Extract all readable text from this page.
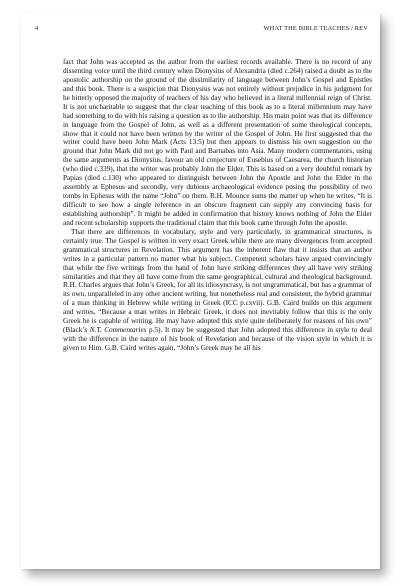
4	WHAT THE BIBLE TEACHES / REV

fact that John was accepted as the author from the earliest records available. There is no record of any dissenting voice until the third century when Dionysius of Alexandria (died c.264) raised a doubt as to the apostolic authorship on the ground of the dissimilarity of language between John’s Gospel and Epistles and this book. There is a suspicion that Dionysius was not entirely without prejudice in his judgment for he bitterly opposed the majority of teachers of his day who believed in a literal millennial reign of Christ. It is not uncharitable to suggest that the clear teaching of this book as to a literal millennium may have had something to do with his raising a question as to the authorship. His main point was that its difference in language from the Gospel of John, as well as a different presentation of some theological concepts, show that it could not have been written by the writer of the Gospel of John. He first suggested that the writer could have been John Mark (Acts 13:5) but then appears to dismiss his own suggestion on the ground that John Mark did not go with Paul and Barnabas into Asia. Many modern commentators, using the same arguments as Dionysius, favour an old conjecture of Eusebius of Caesarea, the church historian (who died c.339), that the writer was probably John the Elder. This is based on a very doubtful remark by Papias (died c.130) who appeared to distinguish between John the Apostle and John the Elder in the assembly at Ephesus and secondly, very dubious archaeological evidence posing the possibility of two tombs in Ephesus with the name “John” on them. R.H. Mounce sums the matter up when he writes, “It is difficult to see how a single reference in an obscure fragment can supply any convincing basis for establishing authorship”. It might be added in confirmation that history knows nothing of John the Elder and recent scholarship supports the traditional claim that this book came through John the apostle.

That there are differences in vocabulary, style and very particularly, in grammatical structures, is certainly true. The Gospel is written in very exact Greek while there are many divergences from accepted grammatical structures in Revelation. This argument has the inherent flaw that it insists that an author writes in a particular pattern no matter what his subject. Competent scholars have argued convincingly that while the five writings from the hand of John have striking differences they all have very striking similarities and that they all have come from the same geographical, cultural and theological background. R.H. Charles argues that John’s Greek, for all its idiosyncrasy, is not ungrammatical, but has a grammar of its own, unparalleled in any other ancient writing, but nonetheless real and consistent, the hybrid grammar of a man thinking in Hebrew while writing in Greek (ICC p.cxvii). G.B. Caird builds on this argument and writes, “Because a man writes in Hebraic Greek, it does not inevitably follow that this is the only Greek he is capable of writing. He may have adopted this style quite deliberately for reasons of his own” (Black’s N.T. Commentaries p.5). It may be suggested that John adopted this difference in style to deal with the difference in the nature of his book of Revelation and because of the vision style in which it is given to Him. G.B. Caird writes again, “John’s Greek may be all his
